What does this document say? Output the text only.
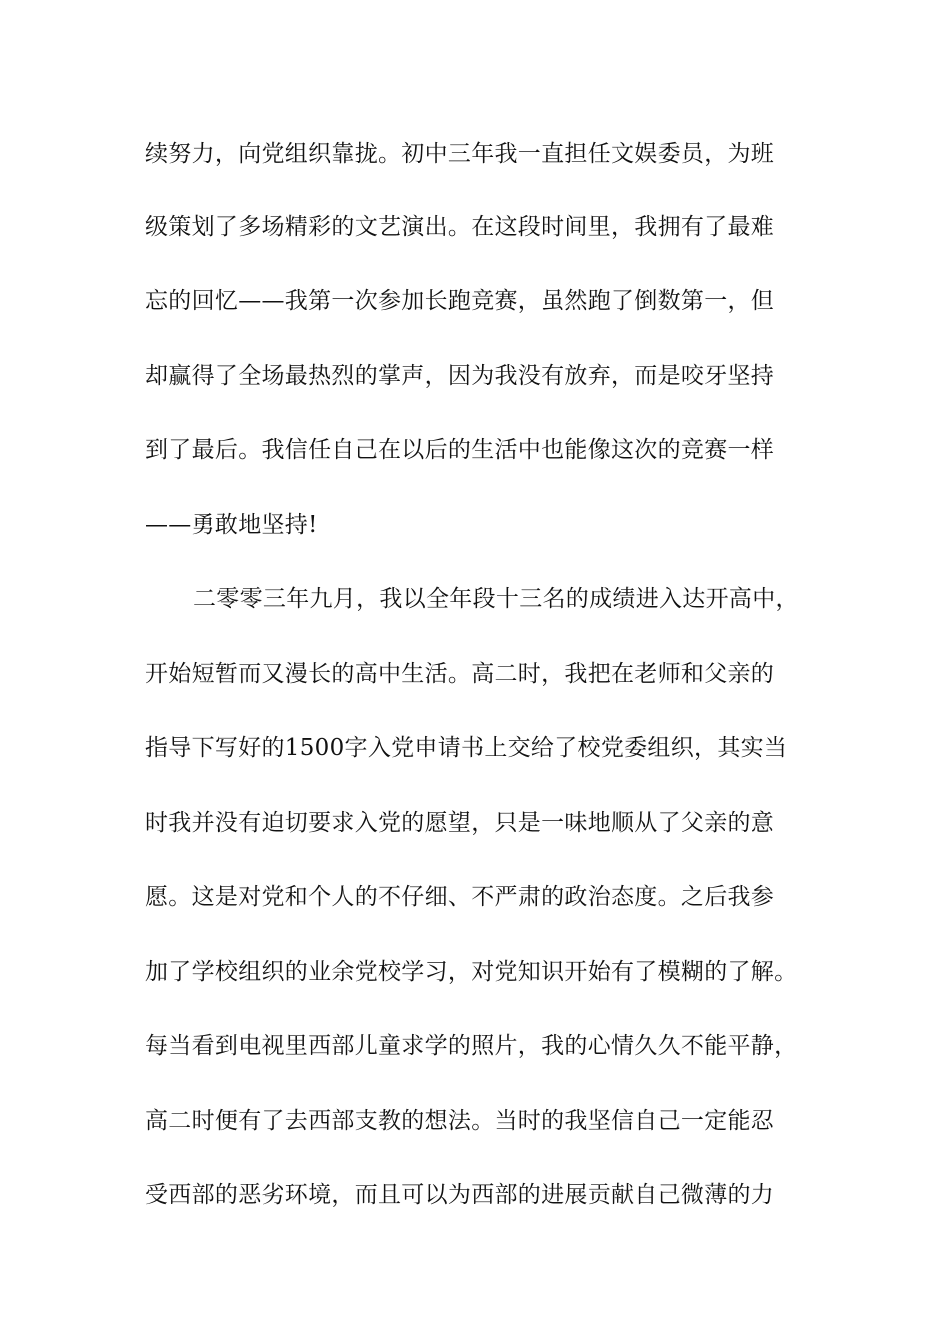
续努力，向党组织靠拢。初中三年我一直担任文娱委员，为班
级策划了多场精彩的文艺演出。在这段时间里，我拥有了最难
忘的回忆——我第一次参加长跑竞赛，虽然跑了倒数第一，但
却赢得了全场最热烈的掌声，因为我没有放弃，而是咬牙坚持
到了最后。我信任自己在以后的生活中也能像这次的竞赛一样
——勇敢地坚持!
二零零三年九月，我以全年段十三名的成绩进入达开高中，
开始短暂而又漫长的高中生活。高二时，我把在老师和父亲的
指导下写好的1500字入党申请书上交给了校党委组织，其实当
时我并没有迫切要求入党的愿望，只是一味地顺从了父亲的意
愿。这是对党和个人的不仔细、不严肃的政治态度。之后我参
加了学校组织的业余党校学习，对党知识开始有了模糊的了解。
每当看到电视里西部儿童求学的照片，我的心情久久不能平静，
高二时便有了去西部支教的想法。当时的我坚信自己一定能忍
受西部的恶劣环境，而且可以为西部的进展贡献自己微薄的力
